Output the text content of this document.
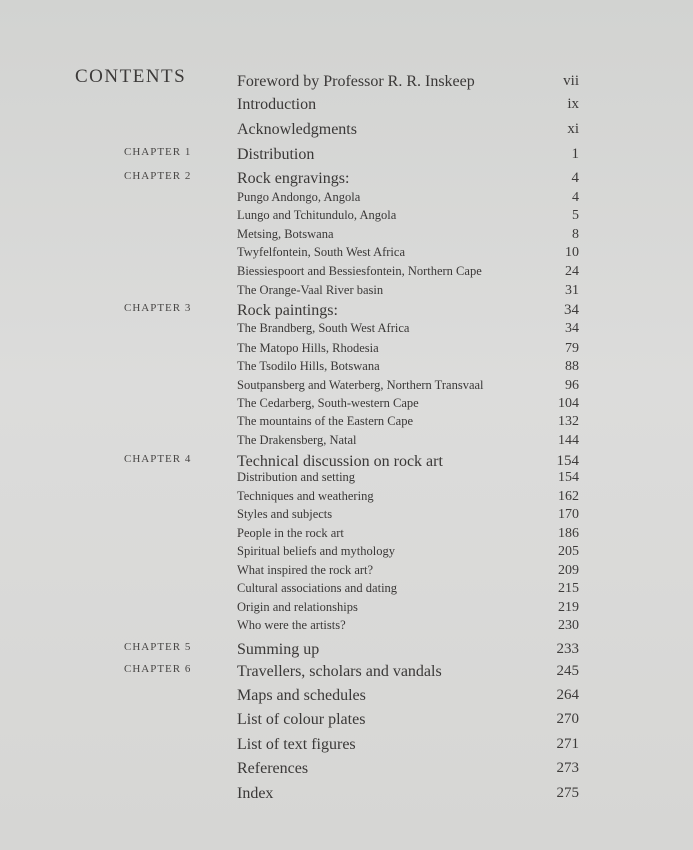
CONTENTS	Foreword by Professor R. R. Inskeep	vii
Introduction	ix
Acknowledgments	xi
CHAPTER 1	Distribution	1
CHAPTER 2	Rock engravings:	4
Pungo Andongo, Angola	4
Lungo and Tchitundulo, Angola	5
Metsing, Botswana	8
Twyfelfontein, South West Africa	10
Biessiespoort and Bessiesfontein, Northern Cape	24
The Orange-Vaal River basin	31
CHAPTER 3	Rock paintings:	34
The Brandberg, South West Africa	34
The Matopo Hills, Rhodesia	79
The Tsodilo Hills, Botswana	88
Soutpansberg and Waterberg, Northern Transvaal	96
The Cedarberg, South-western Cape	104
The mountains of the Eastern Cape	132
The Drakensberg, Natal	144
CHAPTER 4	Technical discussion on rock art	154
Distribution and setting	154
Techniques and weathering	162
Styles and subjects	170
People in the rock art	186
Spiritual beliefs and mythology	205
What inspired the rock art?	209
Cultural associations and dating	215
Origin and relationships	219
Who were the artists?	230
CHAPTER 5	Summing up	233
CHAPTER 6	Travellers, scholars and vandals	245
Maps and schedules	264
List of colour plates	270
List of text figures	271
References	273
Index	275
